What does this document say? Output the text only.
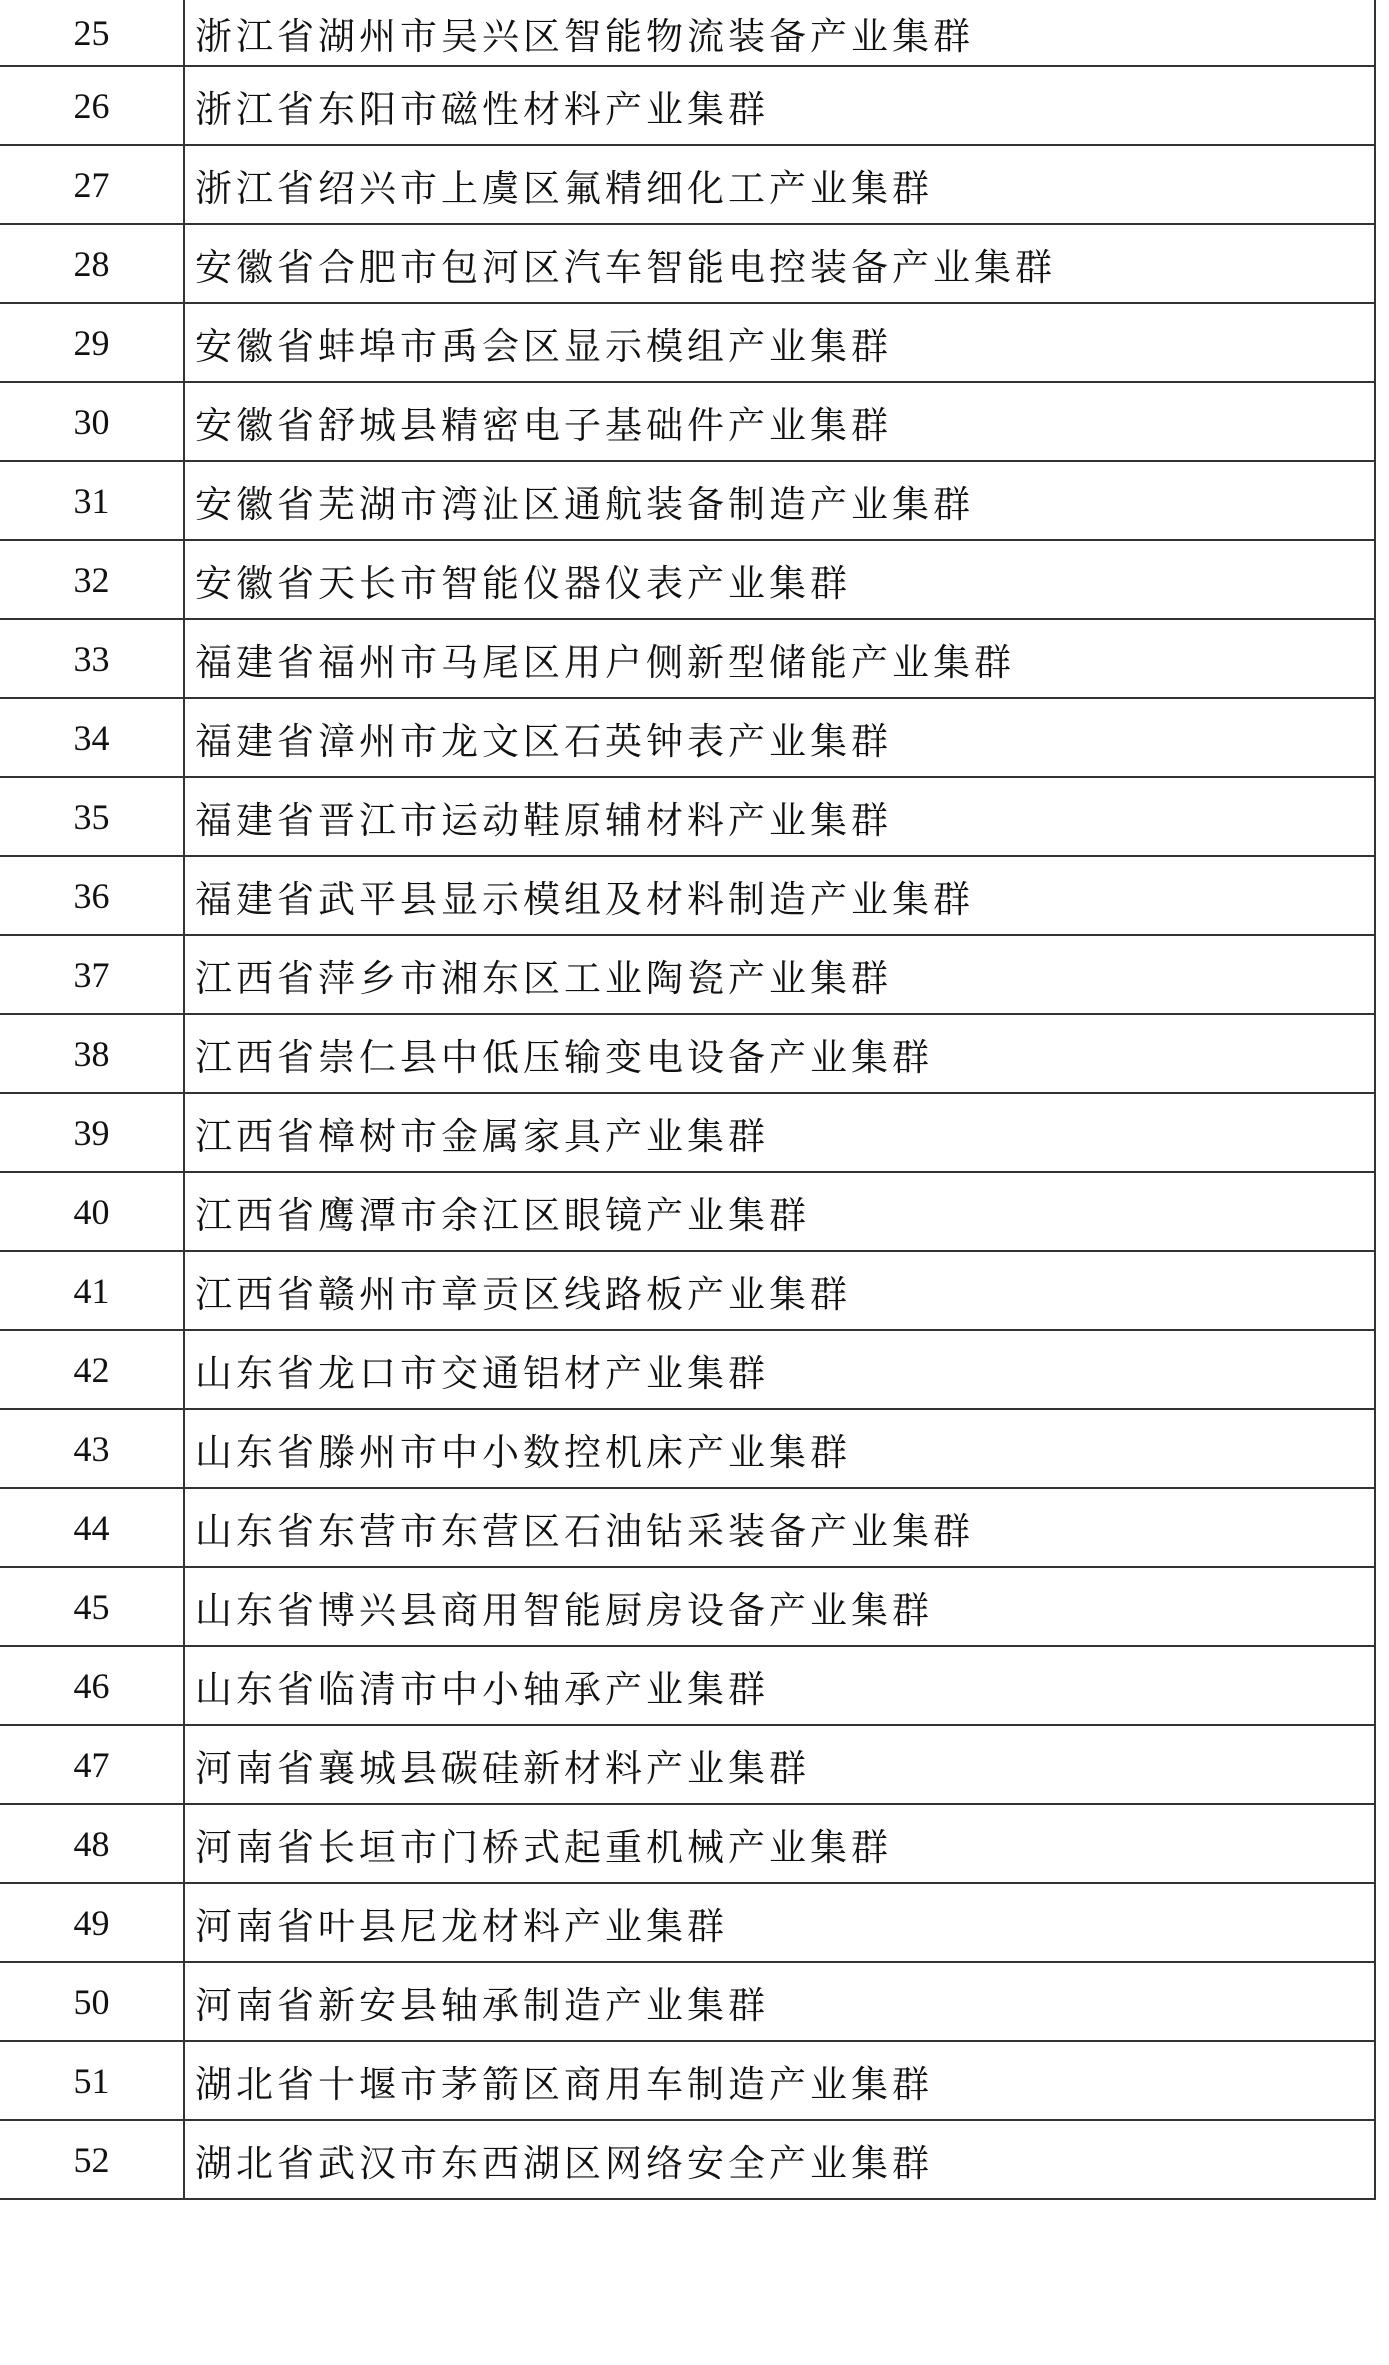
25	浙江省湖州市吴兴区智能物流装备产业集群
26	浙江省东阳市磁性材料产业集群
27	浙江省绍兴市上虞区氟精细化工产业集群
28	安徽省合肥市包河区汽车智能电控装备产业集群
29	安徽省蚌埠市禹会区显示模组产业集群
30	安徽省舒城县精密电子基础件产业集群
31	安徽省芜湖市湾沚区通航装备制造产业集群
32	安徽省天长市智能仪器仪表产业集群
33	福建省福州市马尾区用户侧新型储能产业集群
34	福建省漳州市龙文区石英钟表产业集群
35	福建省晋江市运动鞋原辅材料产业集群
36	福建省武平县显示模组及材料制造产业集群
37	江西省萍乡市湘东区工业陶瓷产业集群
38	江西省崇仁县中低压输变电设备产业集群
39	江西省樟树市金属家具产业集群
40	江西省鹰潭市余江区眼镜产业集群
41	江西省赣州市章贡区线路板产业集群
42	山东省龙口市交通铝材产业集群
43	山东省滕州市中小数控机床产业集群
44	山东省东营市东营区石油钻采装备产业集群
45	山东省博兴县商用智能厨房设备产业集群
46	山东省临清市中小轴承产业集群
47	河南省襄城县碳硅新材料产业集群
48	河南省长垣市门桥式起重机械产业集群
49	河南省叶县尼龙材料产业集群
50	河南省新安县轴承制造产业集群
51	湖北省十堰市茅箭区商用车制造产业集群
52	湖北省武汉市东西湖区网络安全产业集群
